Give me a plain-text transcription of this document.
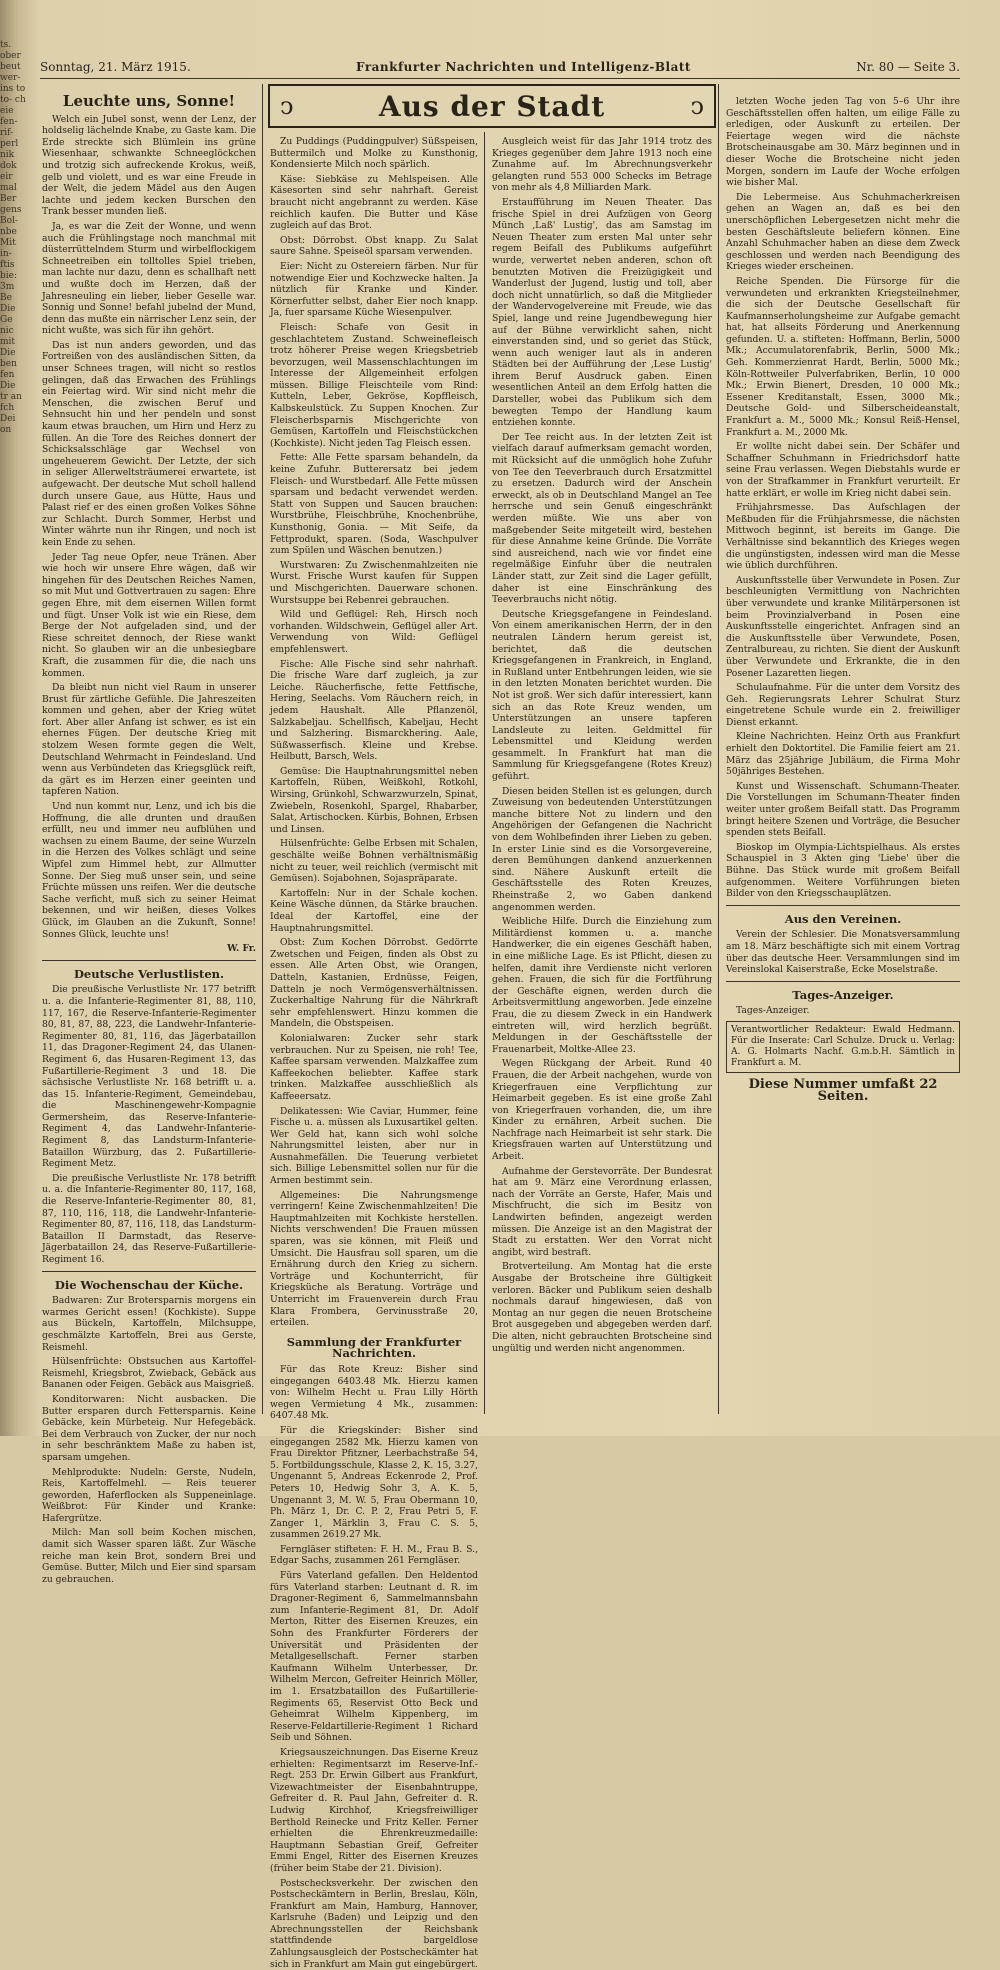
ts. ober beut wer- ins to to- ch eie fen- rif- perl nik dok eir mal Ber gens Bol- nbe Mit in- ftis bie: 3m Be Die Ge nic mit Die ben fen Die tr an fch Dei on
Sonntag, 21. März 1915.	Frankfurter Nachrichten und Intelligenz-Blatt	Nr. 80 — Seite 3.
ↄ	Aus der Stadt	ↄ
Leuchte uns, Sonne!

Welch ein Jubel sonst, wenn der Lenz, der holdselig lächelnde Knabe, zu Gaste kam. Die Erde streckte sich Blümlein ins grüne Wiesenhaar, schwankte Schneeglöckchen und trotzig sich aufreckende Krokus, weiß, gelb und violett, und es war eine Freude in der Welt, die jedem Mädel aus den Augen lachte und jedem kecken Burschen den Trank besser munden ließ.

Ja, es war die Zeit der Wonne, und wenn auch die Frühlingstage noch manchmal mit düsterrüttelndem Sturm und wirbelflockigem Schneetreiben ein tolltolles Spiel trieben, man lachte nur dazu, denn es schallhaft nett und wußte doch im Herzen, daß der Jahresneuling ein lieber, lieber Geselle war. Sonnig und Sonne! befahl jubelnd der Mund, denn das mußte ein närrischer Lenz sein, der nicht wußte, was sich für ihn gehört.

Das ist nun anders geworden, und das Fortreißen von des ausländischen Sitten, da unser Schnees tragen, will nicht so restlos gelingen, daß das Erwachen des Frühlings ein Feiertag wird. Wir sind nicht mehr die Menschen, die zwischen Beruf und Sehnsucht hin und her pendeln und sonst kaum etwas brauchen, um Hirn und Herz zu füllen. An die Tore des Reiches donnert der Schicksalsschläge gar Wechsel von ungeheuerem Gewicht. Der Letzte, der sich in seliger Allerweltsträumerei erwartete, ist aufgewacht. Der deutsche Mut scholl hallend durch unsere Gaue, aus Hütte, Haus und Palast rief er des einen großen Volkes Söhne zur Schlacht. Durch Sommer, Herbst und Winter währte nun ihr Ringen, und noch ist kein Ende zu sehen.

Jeder Tag neue Opfer, neue Tränen. Aber wie hoch wir unsere Ehre wägen, daß wir hingehen für des Deutschen Reiches Namen, so mit Mut und Gottvertrauen zu sagen: Ehre gegen Ehre, mit dem eisernen Willen formt und fügt. Unser Volk ist wie ein Riese, dem Berge der Not aufgeladen sind, und der Riese schreitet dennoch, der Riese wankt nicht. So glauben wir an die unbesiegbare Kraft, die zusammen für die, die nach uns kommen.

Da bleibt nun nicht viel Raum in unserer Brust für zärtliche Gefühle. Die Jahreszeiten kommen und gehen, aber der Krieg wütet fort. Aber aller Anfang ist schwer, es ist ein ehernes Fügen. Der deutsche Krieg mit stolzem Wesen formte gegen die Welt, Deutschland Wehrmacht in Feindesland. Und wenn aus Verbündeten das Kriegsglück reift, da gärt es im Herzen einer geeinten und tapferen Nation.

Und nun kommt nur, Lenz, und ich bis die Hoffnung, die alle drunten und draußen erfüllt, neu und immer neu aufblühen und wachsen zu einem Baume, der seine Wurzeln in die Herzen des Volkes schlägt und seine Wipfel zum Himmel hebt, zur Allmutter Sonne. Der Sieg muß unser sein, und seine Früchte müssen uns reifen. Wer die deutsche Sache verficht, muß sich zu seiner Heimat bekennen, und wir heißen, dieses Volkes Glück, im Glauben an die Zukunft, Sonne! Sonnes Glück, leuchte uns!

W. Fr.
Deutsche Verlustlisten.

Die preußische Verlustliste Nr. 177 betrifft u. a. die Infanterie-Regimenter 81, 88, 110, 117, 167, die Reserve-Infanterie-Regimenter 80, 81, 87, 88, 223, die Landwehr-Infanterie-Regimenter 80, 81, 116, das Jägerbataillon 11, das Dragoner-Regiment 24, das Ulanen-Regiment 6, das Husaren-Regiment 13, das Fußartillerie-Regiment 3 und 18. Die sächsische Verlustliste Nr. 168 betrifft u. a. das 15. Infanterie-Regiment, Gemeindebau, die Maschinengewehr-Kompagnie Germersheim, das Reserve-Infanterie-Regiment 4, das Landwehr-Infanterie-Regiment 8, das Landsturm-Infanterie-Bataillon Würzburg, das 2. Fußartillerie-Regiment Metz.

Die preußische Verlustliste Nr. 178 betrifft u. a. die Infanterie-Regimenter 80, 117, 168, die Reserve-Infanterie-Regimenter 80, 81, 87, 110, 116, 118, die Landwehr-Infanterie-Regimenter 80, 87, 116, 118, das Landsturm-Bataillon II Darmstadt, das Reserve-Jägerbataillon 24, das Reserve-Fußartillerie-Regiment 16.

Die Wochenschau der Küche.

Badwaren: Zur Brotersparnis morgens ein warmes Gericht essen! (Kochkiste). Suppe aus Bückeln, Kartoffeln, Milchsuppe, geschmälzte Kartoffeln, Brei aus Gerste, Reismehl.

Hülsenfrüchte: Obstsuchen aus Kartoffel-Reismehl, Kriegsbrot, Zwieback, Gebäck aus Bananen oder Feigen. Gebäck aus Maisgrieß.

Konditorwaren: Nicht ausbacken. Die Butter ersparen durch Fettersparnis. Keine Gebäcke, kein Mürbeteig. Nur Hefegebäck. Bei dem Verbrauch von Zucker, der nur noch in sehr beschränktem Maße zu haben ist, sparsam umgehen.

Mehlprodukte: Nudeln: Gerste, Nudeln, Reis, Kartoffelmehl. — Reis teuerer geworden, Haferflocken als Suppeneinlage. Weißbrot: Für Kinder und Kranke: Hafergrütze.

Milch: Man soll beim Kochen mischen, damit sich Wasser sparen läßt. Zur Wäsche reiche man kein Brot, sondern Brei und Gemüse. Butter, Milch und Eier sind sparsam zu gebrauchen.

Zu Puddings (Puddingpulver) Süßspeisen, Buttermilch und Molke zu Kunsthonig, Kondensierte Milch noch spärlich.

Käse: Siebkäse zu Mehlspeisen. Alle Käsesorten sind sehr nahrhaft. Gereist braucht nicht angebrannt zu werden. Käse reichlich kaufen. Die Butter und Käse zugleich auf das Brot.

Obst: Dörrobst. Obst knapp. Zu Salat saure Sahne. Speiseöl sparsam verwenden.

Eier: Nicht zu Ostereiern färben. Nur für notwendige Eier und Kochzwecke halten. Ja nützlich für Kranke und Kinder. Körnerfutter selbst, daher Eier noch knapp. Ja, fuer sparsame Küche Wiesenpulver.

Fleisch: Schafe von Gesit in geschlachtetem Zustand. Schweinefleisch trotz höherer Preise wegen Kriegsbetrieb bevorzugen, weil Massenschlachtungen im Interesse der Allgemeinheit erfolgen müssen. Billige Fleischteile vom Rind: Kutteln, Leber, Gekröse, Kopffleisch, Kalbskeulstück. Zu Suppen Knochen. Zur Fleischerbsparnis Mischgerichte von Gemüsen, Kartoffeln und Fleischstückchen (Kochkiste). Nicht jeden Tag Fleisch essen.

Fette: Alle Fette sparsam behandeln, da keine Zufuhr. Butterersatz bei jedem Fleisch- und Wurstbedarf. Alle Fette müssen sparsam und bedacht verwendet werden. Statt von Suppen und Saucen brauchen: Wurstbrühe, Fleischbrühe, Knochenbrühe, Kunsthonig, Gonia. — Mit Seife, da Fettprodukt, sparen. (Soda, Waschpulver zum Spülen und Wäschen benutzen.)

Wurstwaren: Zu Zwischenmahlzeiten nie Wurst. Frische Wurst kaufen für Suppen und Mischgerichten. Dauerware schonen. Wurstsuppe bei Rebenrei gebrauchen.

Wild und Geflügel: Reh, Hirsch noch vorhanden. Wildschwein, Geflügel aller Art. Verwendung von Wild: Geflügel empfehlenswert.

Fische: Alle Fische sind sehr nahrhaft. Die frische Ware darf zugleich, ja zur Leiche. Räucherfische, fette Fettfische, Hering, Seelachs. Vom Räuchern reich, in jedem Haushalt. Alle Pflanzenöl, Salzkabeljau. Schellfisch, Kabeljau, Hecht und Salzhering. Bismarckhering. Aale, Süßwasserfisch. Kleine und Krebse. Heilbutt, Barsch, Wels.

Gemüse: Die Hauptnahrungsmittel neben Kartoffeln, Rüben, Weißkohl, Rotkohl, Wirsing, Grünkohl, Schwarzwurzeln, Spinat, Zwiebeln, Rosenkohl, Spargel, Rhabarber, Salat, Artischocken. Kürbis, Bohnen, Erbsen und Linsen.

Hülsenfrüchte: Gelbe Erbsen mit Schalen, geschälte weiße Bohnen verhältnismäßig nicht zu teuer, weil reichlich (vermischt mit Gemüsen). Sojabohnen, Sojaspräparate.

Kartoffeln: Nur in der Schale kochen. Keine Wäsche dünnen, da Stärke brauchen. Ideal der Kartoffel, eine der Hauptnahrungsmittel.

Obst: Zum Kochen Dörrobst. Gedörrte Zwetschen und Feigen, finden als Obst zu essen. Alle Arten Obst, wie Orangen, Datteln, Kastanien, Erdnüsse, Feigen, Datteln je noch Vermögensverhältnissen. Zuckerhaltige Nahrung für die Nährkraft sehr empfehlenswert. Hinzu kommen die Mandeln, die Obstspeisen.

Kolonialwaren: Zucker sehr stark verbrauchen. Nur zu Speisen, nie roh! Tee, Kaffee sparsam verwenden. Malzkaffee zum Kaffeekochen beliebter. Kaffee stark trinken. Malzkaffee ausschließlich als Kaffeeersatz.

Delikatessen: Wie Caviar, Hummer, feine Fische u. a. müssen als Luxusartikel gelten. Wer Geld hat, kann sich wohl solche Nahrungsmittel leisten, aber nur in Ausnahmefällen. Die Teuerung verbietet sich. Billige Lebensmittel sollen nur für die Armen bestimmt sein.

Allgemeines: Die Nahrungsmenge verringern! Keine Zwischenmahlzeiten! Die Hauptmahlzeiten mit Kochkiste herstellen. Nichts verschwenden! Die Frauen müssen sparen, was sie können, mit Fleiß und Umsicht. Die Hausfrau soll sparen, um die Ernährung durch den Krieg zu sichern. Vorträge und Kochunterricht, für Kriegsküche als Beratung. Vorträge und Unterricht im Frauenverein durch Frau Klara Frombera, Gervinusstraße 20, erteilen.

Sammlung der Frankfurter Nachrichten.

Für das Rote Kreuz: Bisher sind eingegangen 6403.48 Mk. Hierzu kamen von: Wilhelm Hecht u. Frau Lilly Hörth wegen Vermietung 4 Mk., zusammen: 6407.48 Mk.

Für die Kriegskinder: Bisher sind eingegangen 2582 Mk. Hierzu kamen von Frau Direktor Pfitzner, Leerbachstraße 54, 5. Fortbildungsschule, Klasse 2, K. 15, 3.27, Ungenannt 5, Andreas Eckenrode 2, Prof. Peters 10, Hedwig Sohr 3, A. K. 5, Ungenannt 3, M. W. 5, Frau Obermann 10, Ph. März 1, Dr. C. P. 2, Frau Petri 5, F. Zanger 1, Märklin 3, Frau C. S. 5, zusammen 2619.27 Mk.

Ferngläser stifteten: F. H. M., Frau B. S., Edgar Sachs, zusammen 261 Ferngläser.

Fürs Vaterland gefallen. Den Heldentod fürs Vaterland starben: Leutnant d. R. im Dragoner-Regiment 6, Sammelmannsbahn zum Infanterie-Regiment 81, Dr. Adolf Merton, Ritter des Eisernen Kreuzes, ein Sohn des Frankfurter Förderers der Universität und Präsidenten der Metallgesellschaft. Ferner starben Kaufmann Wilhelm Unterbesser, Dr. Wilhelm Mercon, Gefreiter Heinrich Möller, im 1. Ersatzbataillon des Fußartillerie-Regiments 65, Reservist Otto Beck und Geheimrat Wilhelm Kippenberg, im Reserve-Feldartillerie-Regiment 1 Richard Seib und Söhnen.

Kriegsauszeichnungen. Das Eiserne Kreuz erhielten: Regimentsarzt im Reserve-Inf.-Regt. 253 Dr. Erwin Gilbert aus Frankfurt, Vizewachtmeister der Eisenbahntruppe, Gefreiter d. R. Paul Jahn, Gefreiter d. R. Ludwig Kirchhof, Kriegsfreiwilliger Berthold Reinecke und Fritz Keller. Ferner erhielten die Ehrenkreuzmedaille: Hauptmann Sebastian Greif, Gefreiter Emmi Engel, Ritter des Eisernen Kreuzes (früher beim Stabe der 21. Division).

Postschecksverkehr. Der zwischen den Postscheckämtern in Berlin, Breslau, Köln, Frankfurt am Main, Hamburg, Hannover, Karlsruhe (Baden) und Leipzig und den Abrechnungsstellen der Reichsbank stattfindende bargeldlose Zahlungsausgleich der Postscheckämter hat sich in Frankfurt am Main gut eingebürgert.

Ausgleich weist für das Jahr 1914 trotz des Krieges gegenüber dem Jahre 1913 noch eine Zunahme auf. Im Abrechnungsverkehr gelangten rund 553 000 Schecks im Betrage von mehr als 4,8 Milliarden Mark.

Erstaufführung im Neuen Theater. Das frische Spiel in drei Aufzügen von Georg Münch ‚Laß' Lustig', das am Samstag im Neuen Theater zum ersten Mal unter sehr regem Beifall des Publikums aufgeführt wurde, verwertet neben anderen, schon oft benutzten Motiven die Freizügigkeit und Wanderlust der Jugend, lustig und toll, aber doch nicht unnatürlich, so daß die Mitglieder der Wandervogelvereine mit Freude, wie das Spiel, lange und reine Jugendbewegung hier auf der Bühne verwirklicht sahen, nicht einverstanden sind, und so geriet das Stück, wenn auch weniger laut als in anderen Städten bei der Aufführung der ‚Lese Lustig' ihrem Beruf Ausdruck gaben. Einen wesentlichen Anteil an dem Erfolg hatten die Darsteller, wobei das Publikum sich dem bewegten Tempo der Handlung kaum entziehen konnte.

Der Tee reicht aus. In der letzten Zeit ist vielfach darauf aufmerksam gemacht worden, mit Rücksicht auf die unmöglich hohe Zufuhr von Tee den Teeverbrauch durch Ersatzmittel zu ersetzen. Dadurch wird der Anschein erweckt, als ob in Deutschland Mangel an Tee herrsche und sein Genuß eingeschränkt werden müßte. Wie uns aber von maßgebender Seite mitgeteilt wird, bestehen für diese Annahme keine Gründe. Die Vorräte sind ausreichend, nach wie vor findet eine regelmäßige Einfuhr über die neutralen Länder statt, zur Zeit sind die Lager gefüllt, daher ist eine Einschränkung des Teeverbrauchs nicht nötig.

Deutsche Kriegsgefangene in Feindesland. Von einem amerikanischen Herrn, der in den neutralen Ländern herum gereist ist, berichtet, daß die deutschen Kriegsgefangenen in Frankreich, in England, in Rußland unter Entbehrungen leiden, wie sie in den letzten Monaten berichtet wurden. Die Not ist groß. Wer sich dafür interessiert, kann sich an das Rote Kreuz wenden, um Unterstützungen an unsere tapferen Landsleute zu leiten. Geldmittel für Lebensmittel und Kleidung werden gesammelt. In Frankfurt hat man die Sammlung für Kriegsgefangene (Rotes Kreuz) geführt.

Diesen beiden Stellen ist es gelungen, durch Zuweisung von bedeutenden Unterstützungen manche bittere Not zu lindern und den Angehörigen der Gefangenen die Nachricht von dem Wohlbefinden ihrer Lieben zu geben. In erster Linie sind es die Vorsorgevereine, deren Bemühungen dankend anzuerkennen sind. Nähere Auskunft erteilt die Geschäftsstelle des Roten Kreuzes, Rheinstraße 2, wo Gaben dankend angenommen werden.

Weibliche Hilfe. Durch die Einziehung zum Militärdienst kommen u. a. manche Handwerker, die ein eigenes Geschäft haben, in eine mißliche Lage. Es ist Pflicht, diesen zu helfen, damit ihre Verdienste nicht verloren gehen. Frauen, die sich für die Fortführung der Geschäfte eignen, werden durch die Arbeitsvermittlung angeworben. Jede einzelne Frau, die zu diesem Zweck in ein Handwerk eintreten will, wird herzlich begrüßt. Meldungen in der Geschäftsstelle der Frauenarbeit, Moltke-Allee 23.

Wegen Rückgang der Arbeit. Rund 40 Frauen, die der Arbeit nachgehen, wurde von Kriegerfrauen eine Verpflichtung zur Heimarbeit gegeben. Es ist eine große Zahl von Kriegerfrauen vorhanden, die, um ihre Kinder zu ernähren, Arbeit suchen. Die Nachfrage nach Heimarbeit ist sehr stark. Die Kriegsfrauen warten auf Unterstützung und Arbeit.

Aufnahme der Gerstevorräte. Der Bundesrat hat am 9. März eine Verordnung erlassen, nach der Vorräte an Gerste, Hafer, Mais und Mischfrucht, die sich im Besitz von Landwirten befinden, angezeigt werden müssen. Die Anzeige ist an den Magistrat der Stadt zu erstatten. Wer den Vorrat nicht angibt, wird bestraft.

Brotverteilung. Am Montag hat die erste Ausgabe der Brotscheine ihre Gültigkeit verloren. Bäcker und Publikum seien deshalb nochmals darauf hingewiesen, daß von Montag an nur gegen die neuen Brotscheine Brot ausgegeben und abgegeben werden darf. Die alten, nicht gebrauchten Brotscheine sind ungültig und werden nicht angenommen.

letzten Woche jeden Tag von 5–6 Uhr ihre Geschäftsstellen offen halten, um eilige Fälle zu erledigen, oder Auskunft zu erteilen. Der Feiertage wegen wird die nächste Brotscheinausgabe am 30. März beginnen und in dieser Woche die Brotscheine nicht jeden Morgen, sondern im Laufe der Woche erfolgen wie bisher Mal.

Die Lebermeise. Aus Schuhmacherkreisen gehen an Wagen an, daß es bei den unerschöpflichen Lebergesetzen nicht mehr die besten Geschäftsleute beliefern können. Eine Anzahl Schuhmacher haben an diese dem Zweck geschlossen und werden nach Beendigung des Krieges wieder erscheinen.

Reiche Spenden. Die Fürsorge für die verwundeten und erkrankten Kriegsteilnehmer, die sich der Deutsche Gesellschaft für Kaufmannserholungsheime zur Aufgabe gemacht hat, hat allseits Förderung und Anerkennung gefunden. U. a. stifteten: Hoffmann, Berlin, 5000 Mk.; Accumulatorenfabrik, Berlin, 5000 Mk.; Geh. Kommerzienrat Hardt, Berlin, 5000 Mk.; Köln-Rottweiler Pulverfabriken, Berlin, 10 000 Mk.; Erwin Bienert, Dresden, 10 000 Mk.; Essener Kreditanstalt, Essen, 3000 Mk.; Deutsche Gold- und Silberscheideanstalt, Frankfurt a. M., 5000 Mk.; Konsul Reiß-Hensel, Frankfurt a. M., 2000 Mk.

Er wollte nicht dabei sein. Der Schäfer und Schaffner Schuhmann in Friedrichsdorf hatte seine Frau verlassen. Wegen Diebstahls wurde er von der Strafkammer in Frankfurt verurteilt. Er hatte erklärt, er wolle im Krieg nicht dabei sein.

Frühjahrsmesse. Das Aufschlagen der Meßbuden für die Frühjahrsmesse, die nächsten Mittwoch beginnt, ist bereits im Gange. Die Verhältnisse sind bekanntlich des Krieges wegen die ungünstigsten, indessen wird man die Messe wie üblich durchführen.

Auskunftsstelle über Verwundete in Posen. Zur beschleunigten Vermittlung von Nachrichten über verwundete und kranke Militärpersonen ist beim Provinzialverband in Posen eine Auskunftsstelle eingerichtet. Anfragen sind an die Auskunftsstelle über Verwundete, Posen, Zentralbureau, zu richten. Sie dient der Auskunft über Verwundete und Erkrankte, die in den Posener Lazaretten liegen.

Schulaufnahme. Für die unter dem Vorsitz des Geh. Regierungsrats Lehrer Schulrat Sturz eingetretene Schule wurde ein 2. freiwilliger Dienst erkannt.

Kleine Nachrichten. Heinz Orth aus Frankfurt erhielt den Doktortitel. Die Familie feiert am 21. März das 25jährige Jubiläum, die Firma Mohr 50jähriges Bestehen.

Kunst und Wissenschaft. Schumann-Theater. Die Vorstellungen im Schumann-Theater finden weiter unter großem Beifall statt. Das Programm bringt heitere Szenen und Vorträge, die Besucher spenden stets Beifall.

Bioskop im Olympia-Lichtspielhaus. Als erstes Schauspiel in 3 Akten ging 'Liebe' über die Bühne. Das Stück wurde mit großem Beifall aufgenommen. Weitere Vorführungen bieten Bilder von den Kriegsschauplätzen.

Aus den Vereinen.

Verein der Schlesier. Die Monatsversammlung am 18. März beschäftigte sich mit einem Vortrag über das deutsche Heer. Versammlungen sind im Vereinslokal Kaiserstraße, Ecke Moselstraße.

Tages-Anzeiger.

Tages-Anzeiger.

Verantwortlicher Redakteur: Ewald Hedmann. Für die Inserate: Carl Schulze. Druck u. Verlag: A. G. Holmarts Nachf. G.m.b.H. Sämtlich in Frankfurt a. M.
Diese Nummer umfaßt 22 Seiten.
